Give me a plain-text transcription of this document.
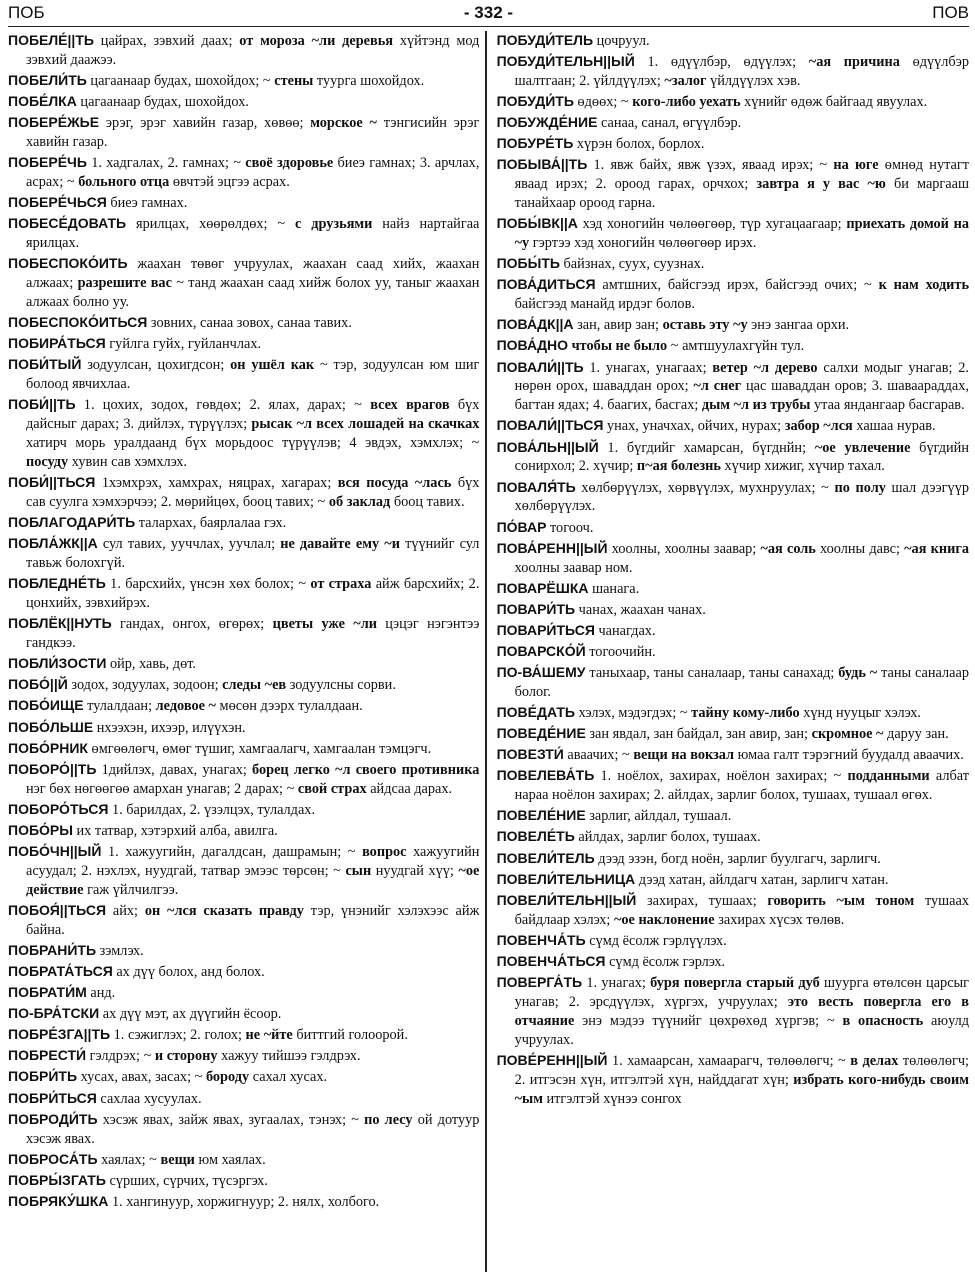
ПОБ	- 332 -	ПОВ
ПОБЕЛЕ́||ТЬ цайрах, зэвхий даах; от мороза ~ли деревья хүйтэнд мод зэвхий даажээ.
ПОБЕЛИ́ТЬ цагаанаар будах, шохойдох; ~ стены туурга шохойдох.
ПОБЕ́ЛКА цагаанаар будах, шохойдох.
ПОБЕРЕ́ЖЬЕ эрэг, эрэг хавийн газар, хөвөө; морское ~ тэнгисийн эрэг хавийн газар.
ПОБЕРЕ́ЧЬ 1. хадгалах, 2. гамнах; ~ своё здоровье биеэ гамнах; 3. арчлах, асрах; ~ больного отца өвчтэй эцгээ асрах.
ПОБЕРЕ́ЧЬСЯ биеэ гамнах.
ПОБЕСЕ́ДОВАТЬ ярилцах, хөөрөлдөх; ~ с друзьями найз нартайгаа ярилцах.
ПОБЕСПОКО́ИТЬ жаахан төвөг учруулах, жаахан саад хийх, жаахан алжаах; разрешите вас ~ танд жаахан саад хийж болох уу, таныг жаахан алжаах болно уу.
ПОБЕСПОКО́ИТЬСЯ зовних, санаа зовох, санаа тавих.
ПОБИРА́ТЬСЯ гуйлга гуйх, гуйланчлах.
ПОБИ́ТЫЙ зодуулсан, цохигдсон; он ушёл как ~ тэр, зодуулсан юм шиг болоод явчихлаа.
ПОБИ́||ТЬ 1. цохих, зодох, гөвдөх; 2. ялах, дарах; ~ всех врагов бүх дайсныг дарах; 3. дийлэх, түрүүлэх; рысак ~л всех лошадей на скачках хатирч морь уралдаанд бүх морьдоос түрүүлэв; 4 эвдэх, хэмхлэх; ~ посуду хувин сав хэмхлэх.
ПОБИ́||ТЬСЯ 1хэмхрэх, хамхрах, няцрах, хагарах; вся посуда ~лась бүх сав суулга хэмхэрчээ; 2. мөрийцөх, бооц тавих; ~ об заклад бооц тавих.
ПОБЛАГОДАРИ́ТЬ талархах, баярлалаа гэх.
ПОБЛА́ЖК||А сул тавих, ууччлах, уучлал; не давайте ему ~и түүнийг сул тавьж болохгүй.
ПОБЛЕДНЕ́ТЬ 1. барсхийх, үнсэн хөх болох; ~ от страха айж барсхийх; 2. цонхийх, зэвхийрэх.
ПОБЛЁК||НУТЬ гандах, онгох, өгөрөх; цветы уже ~ли цэцэг нэгэнтээ гандкээ.
ПОБЛИ́ЗОСТИ ойр, хавь, дөт.
ПОБО́||Й зодох, зодуулах, зодоон; следы ~ев зодуулсны сорви.
ПОБО́ИЩЕ тулалдаан; ледовое ~ мөсөн дээрх тулалдаан.
ПОБО́ЛЬШЕ нхээхэн, ихээр, илүүхэн.
ПОБО́РНИК өмгөөлөгч, өмөг түшиг, хамгаалагч, хамгаалан тэмцэгч.
ПОБОРО́||ТЬ 1дийлэх, давах, унагах; борец легко ~л своего противника нэг бөх нөгөөгөө амархан унагав; 2 дарах; ~ свой страх айдсаа дарах.
ПОБОРО́ТЬСЯ 1. барилдах, 2. үзэлцэх, тулалдах.
ПОБО́РЫ их татвар, хэтэрхий алба, авилга.
ПОБО́ЧН||ЫЙ 1. хажуугийн, дагалдсан, дашрамын; ~ вопрос хажуугийн асуудал; 2. нэхлэх, нуудгай, татвар эмээс төрсөн; ~ сын нуудгай хүү; ~ое действие гаж үйлчилгээ.
ПОБОЯ́||ТЬСЯ айх; он ~лся сказать правду тэр, үнэнийг хэлэхээс айж байна.
ПОБРАНИ́ТЬ зэмлэх.
ПОБРАТА́ТЬСЯ ах дүү болох, анд болох.
ПОБРАТИ́М анд.
ПО-БРА́ТСКИ ах дүү мэт, ах дүүгийн ёсоор.
ПОБРЕ́ЗГА||ТЬ 1. сэжиглэх; 2. голох; не ~йте биттгий голоорой.
ПОБРЕСТИ́ гэлдрэх; ~ и сторону хажуу тийшээ гэлдрэх.
ПОБРИ́ТЬ хусах, авах, засах; ~ бороду сахал хусах.
ПОБРИ́ТЬСЯ сахлаа хусуулах.
ПОБРОДИ́ТЬ хэсэж явах, зайж явах, зугаалах, тэнэх; ~ по лесу ой дотуур хэсэж явах.
ПОБРОСА́ТЬ хаялах; ~ вещи юм хаялах.
ПОБРЫ́ЗГАТЬ сүрших, сүрчих, түсэргэх.
ПОБРЯКУ́ШКА 1. хангинуур, хоржигнуур; 2. нялх, холбого.
ПОБУДИ́ТЕЛЬ цочруул.
ПОБУДИ́ТЕЛЬН||ЫЙ 1. өдүүлбэр, өдүүлэх; ~ая причина өдүүлбэр шалтгаан; 2. үйлдүүлэх; ~залог үйлдүүлэх хэв.
ПОБУДИ́ТЬ өдөөх; ~ кого-либо уехать хүнийг өдөж байгаад явуулах.
ПОБУЖДЕ́НИЕ санаа, санал, өгүүлбэр.
ПОБУРЕ́ТЬ хүрэн болох, борлох.
ПОБЫВА́||ТЬ 1. явж байх, явж үзэх, яваад ирэх; ~ на юге өмнөд нутагт яваад ирэх; 2. ороод гарах, орчхох; завтра я у вас ~ю би маргааш танайхаар ороод гарна.
ПОБЫ́ВК||А хэд хоногийн чөлөөгөөр, түр хугацаагаар; приехать домой на ~у гэртээ хэд хоногийн чөлөөгөөр ирэх.
ПОБЫ́ТЬ байзнах, суух, суузнах.
ПОВА́ДИТЬСЯ амтшних, байсгээд ирэх, байсгээд очих; ~ к нам ходить байсгээд манайд ирдэг болов.
ПОВА́ДК||А зан, авир зан; оставь эту ~у энэ зангаа орхи.
ПОВА́ДНО чтобы не было ~ амтшуулахгүйн тул.
ПОВАЛИ́||ТЬ 1. унагах, унагаах; ветер ~л дерево салхи модыг унагав; 2. нөрөн орох, шаваддан орох; ~л снег цас шаваддан оров; 3. шаваараддах, багтан ядах; 4. баагих, басгах; дым ~л из трубы утаа яндангаар басгарав.
ПОВАЛИ́||ТЬСЯ унах, уначхах, ойчих, нурах; забор ~лся хашаа нурав.
ПОВА́ЛЬН||ЫЙ 1. бүгдийг хамарсан, бүгднйн; ~ое увлечение бүгдийн сонирхол; 2. хүчир; п~ая болезнь хүчир хижиг, хүчир тахал.
ПОВАЛЯ́ТЬ хөлбөрүүлэх, хөрвүүлэх, мухнруулах; ~ по полу шал дээгүүр хөлбөрүүлэх.
ПО́ВАР тогооч.
ПОВА́РЕНН||ЫЙ хоолны, хоолны заавар; ~ая соль хоолны давс; ~ая книга хоолны заавар ном.
ПОВАРЁШКА шанага.
ПОВАРИ́ТЬ чанах, жаахан чанах.
ПОВАРИ́ТЬСЯ чанагдах.
ПОВАРСКО́Й тогоочийн.
ПО-ВА́ШЕМУ таныхаар, таны саналаар, таны санахад; будь ~ таны саналаар болог.
ПОВЕ́ДАТЬ хэлэх, мэдэгдэх; ~ тайну кому-либо хүнд нууцыг хэлэх.
ПОВЕДЕ́НИЕ зан явдал, зан байдал, зан авир, зан; скромное ~ даруу зан.
ПОВЕЗТИ́ аваачих; ~ вещи на вокзал юмаа галт тэрэгний буудалд аваачих.
ПОВЕЛЕВА́ТЬ 1. ноёлох, захирах, ноёлон захирах; ~ подданными албат нараа ноёлон захирах; 2. айлдах, зарлиг болох, тушаах, тушаал өгөх.
ПОВЕЛЕ́НИЕ зарлиг, айлдал, тушаал.
ПОВЕЛЕ́ТЬ айлдах, зарлиг болох, тушаах.
ПОВЕЛИ́ТЕЛЬ дээд эзэн, богд ноён, зарлиг буулгагч, зарлигч.
ПОВЕЛИ́ТЕЛЬНИЦА дээд хатан, айлдагч хатан, зарлигч хатан.
ПОВЕЛИ́ТЕЛЬН||ЫЙ захирах, тушаах; говорить ~ым тоном тушаах байдлаар хэлэх; ~ое наклонение захирах хүсэх төлөв.
ПОВЕНЧА́ТЬ сүмд ёсолж гэрлүүлэх.
ПОВЕНЧА́ТЬСЯ сүмд ёсолж гэрлэх.
ПОВЕРГА́ТЬ 1. унагах; буря повергла старый дуб шуурга өтөлсөн царсыг унагав; 2. эрсдүүлэх, хүргэх, учруулах; это весть повергла его в отчаяние энэ мэдээ түүнийг цөхрөхөд хүргэв; ~ в опасность аюулд учруулах.
ПОВЕ́РЕНН||ЫЙ 1. хамаарсан, хамаарагч, төлөөлөгч; ~ в делах төлөөлөгч; 2. итгэсэн хүн, итгэлтэй хүн, найддагат хүн; избрать кого-нибудь своим ~ым итгэлтэй хүнээ сонгох
